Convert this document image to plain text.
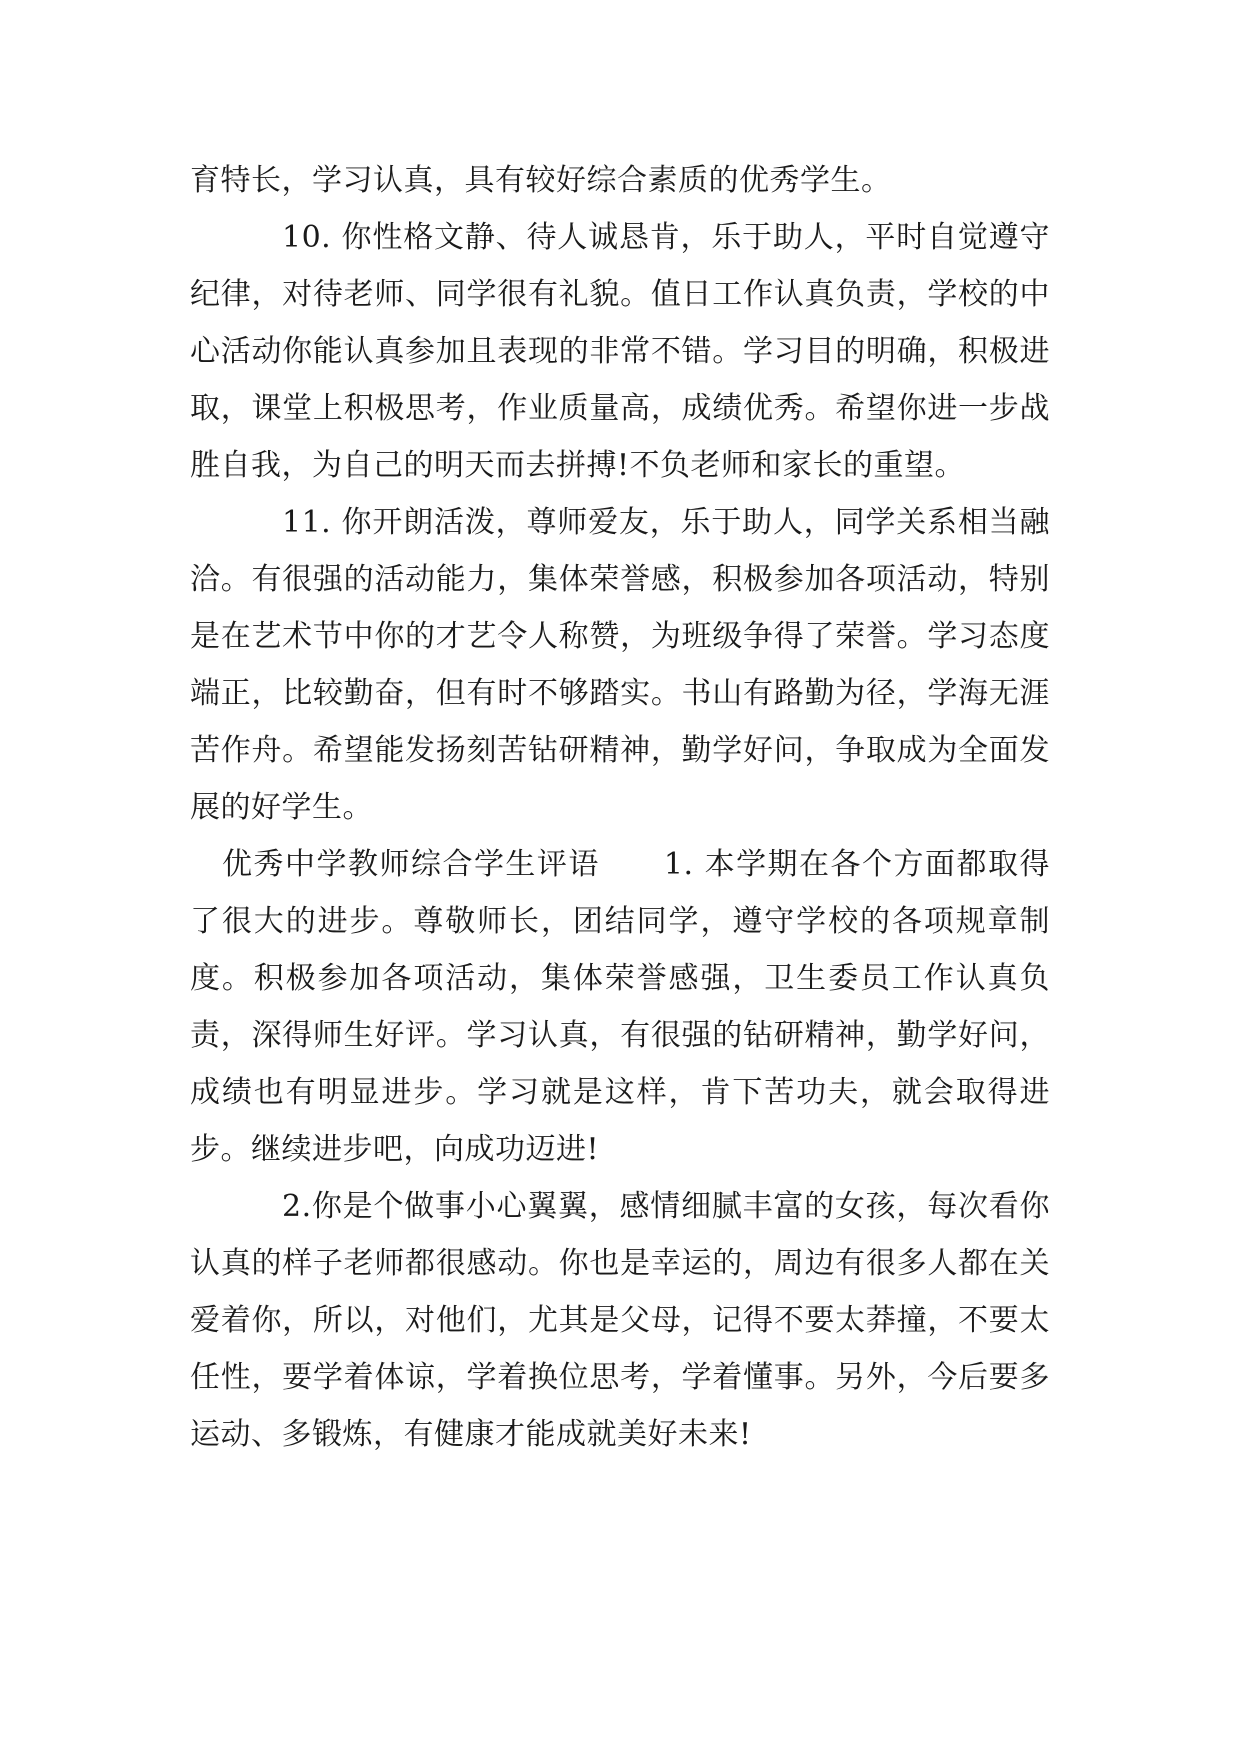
育特长，学习认真，具有较好综合素质的优秀学生。

10. 你性格文静、待人诚恳肯，乐于助人，平时自觉遵守纪律，对待老师、同学很有礼貌。值日工作认真负责，学校的中心活动你能认真参加且表现的非常不错。学习目的明确，积极进取，课堂上积极思考，作业质量高，成绩优秀。希望你进一步战胜自我，为自己的明天而去拼搏!不负老师和家长的重望。

11. 你开朗活泼，尊师爱友，乐于助人，同学关系相当融洽。有很强的活动能力，集体荣誉感，积极参加各项活动，特别是在艺术节中你的才艺令人称赞，为班级争得了荣誉。学习态度端正，比较勤奋，但有时不够踏实。书山有路勤为径，学海无涯苦作舟。希望能发扬刻苦钻研精神，勤学好问，争取成为全面发展的好学生。

优秀中学教师综合学生评语 1. 本学期在各个方面都取得了很大的进步。尊敬师长，团结同学，遵守学校的各项规章制度。积极参加各项活动，集体荣誉感强，卫生委员工作认真负责，深得师生好评。学习认真，有很强的钻研精神，勤学好问，成绩也有明显进步。学习就是这样，肯下苦功夫，就会取得进步。继续进步吧，向成功迈进!

2.你是个做事小心翼翼，感情细腻丰富的女孩，每次看你认真的样子老师都很感动。你也是幸运的，周边有很多人都在关爱着你，所以，对他们，尤其是父母，记得不要太莽撞，不要太任性，要学着体谅，学着换位思考，学着懂事。另外，今后要多运动、多锻炼，有健康才能成就美好未来!
